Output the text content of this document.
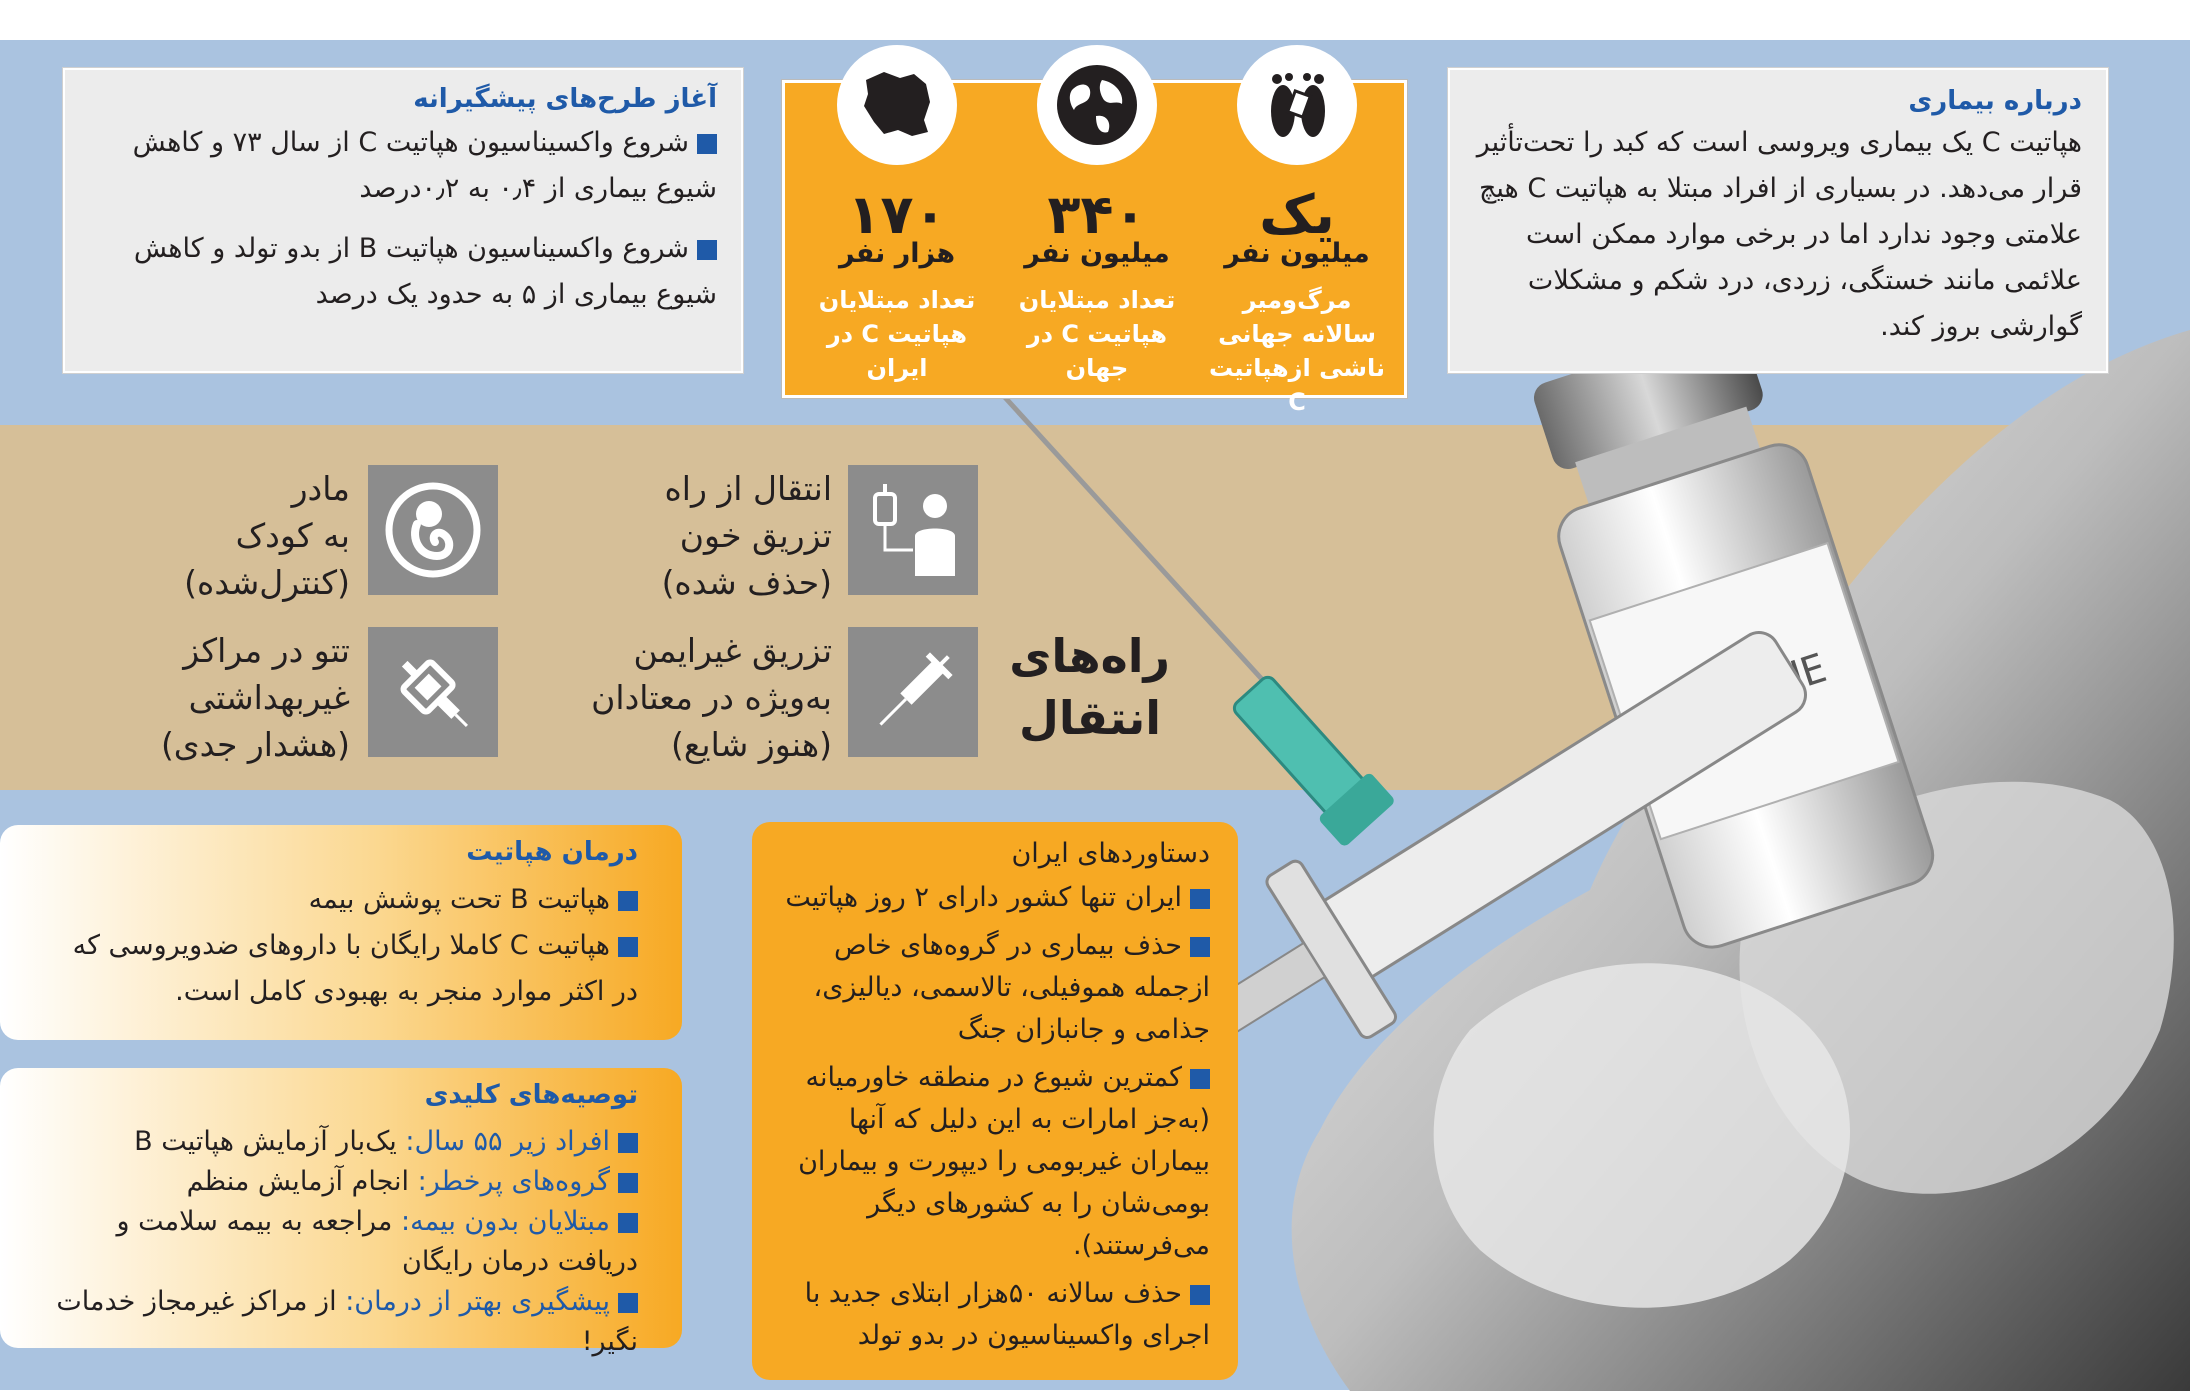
درباره بیماری
هپاتیت C یک بیماری ویروسی است که کبد را تحت‌تأثیر قرار می‌دهد. در بسیاری از افراد مبتلا به هپاتیت C هیچ علامتی وجود ندارد اما در برخی موارد ممکن است علائمی مانند خستگی، زردی، درد شکم و مشکلات گوارشی بروز کند.
آغاز طرح‌های پیشگیرانه
شروع واکسیناسیون هپاتیت C از سال ۷۳ و کاهش شیوع بیماری از ۰٫۴ به ۰٫۲درصد
شروع واکسیناسیون هپاتیت B از بدو تولد و کاهش شیوع بیماری از ۵ به حدود یک درصد
یک
میلیون نفر
مرگ‌ومیر سالانه جهانی ناشی ازهپاتیت C
۳۴۰
میلیون نفر
تعداد مبتلایان هپاتیت C در جهان
۱۷۰
هزار نفر
تعداد مبتلایان هپاتیت C در ایران
راه‌های انتقال
انتقال از راه
تزریق خون
(حذف شده)
مادر
به کودک
(کنترل‌شده)
تزریق غیرایمن
به‌ویژه در معتادان
(هنوز شایع)
تتو در مراکز
غیربهداشتی
(هشدار جدی)
درمان هپاتیت
هپاتیت B تحت پوشش بیمه
هپاتیت C کاملا رایگان با داروهای ضدویروسی که در اکثر موارد منجر به بهبودی کامل است.
توصیه‌های کلیدی
افراد زیر ۵۵ سال: یک‌بار آزمایش هپاتیت B
گروه‌های پرخطر: انجام آزمایش منظم
مبتلایان بدون بیمه: مراجعه به بیمه سلامت و دریافت درمان رایگان
پیشگیری بهتر از درمان: از مراکز غیرمجاز خدمات نگیر!
دستاوردهای ایران
ایران تنها کشور دارای ۲ روز هپاتیت
حذف بیماری در گروه‌های خاص ازجمله هموفیلی، تالاسمی، دیالیزی، جذامی و جانبازان جنگ
کمترین شیوع در منطقه خاورمیانه (به‌جز امارات به این دلیل که آنها بیماران غیربومی را دیپورت و بیماران بومی‌شان را به کشورهای دیگر می‌فرستند).
حذف سالانه ۵۰هزار ابتلای جدید با اجرای واکسیناسیون در بدو تولد
